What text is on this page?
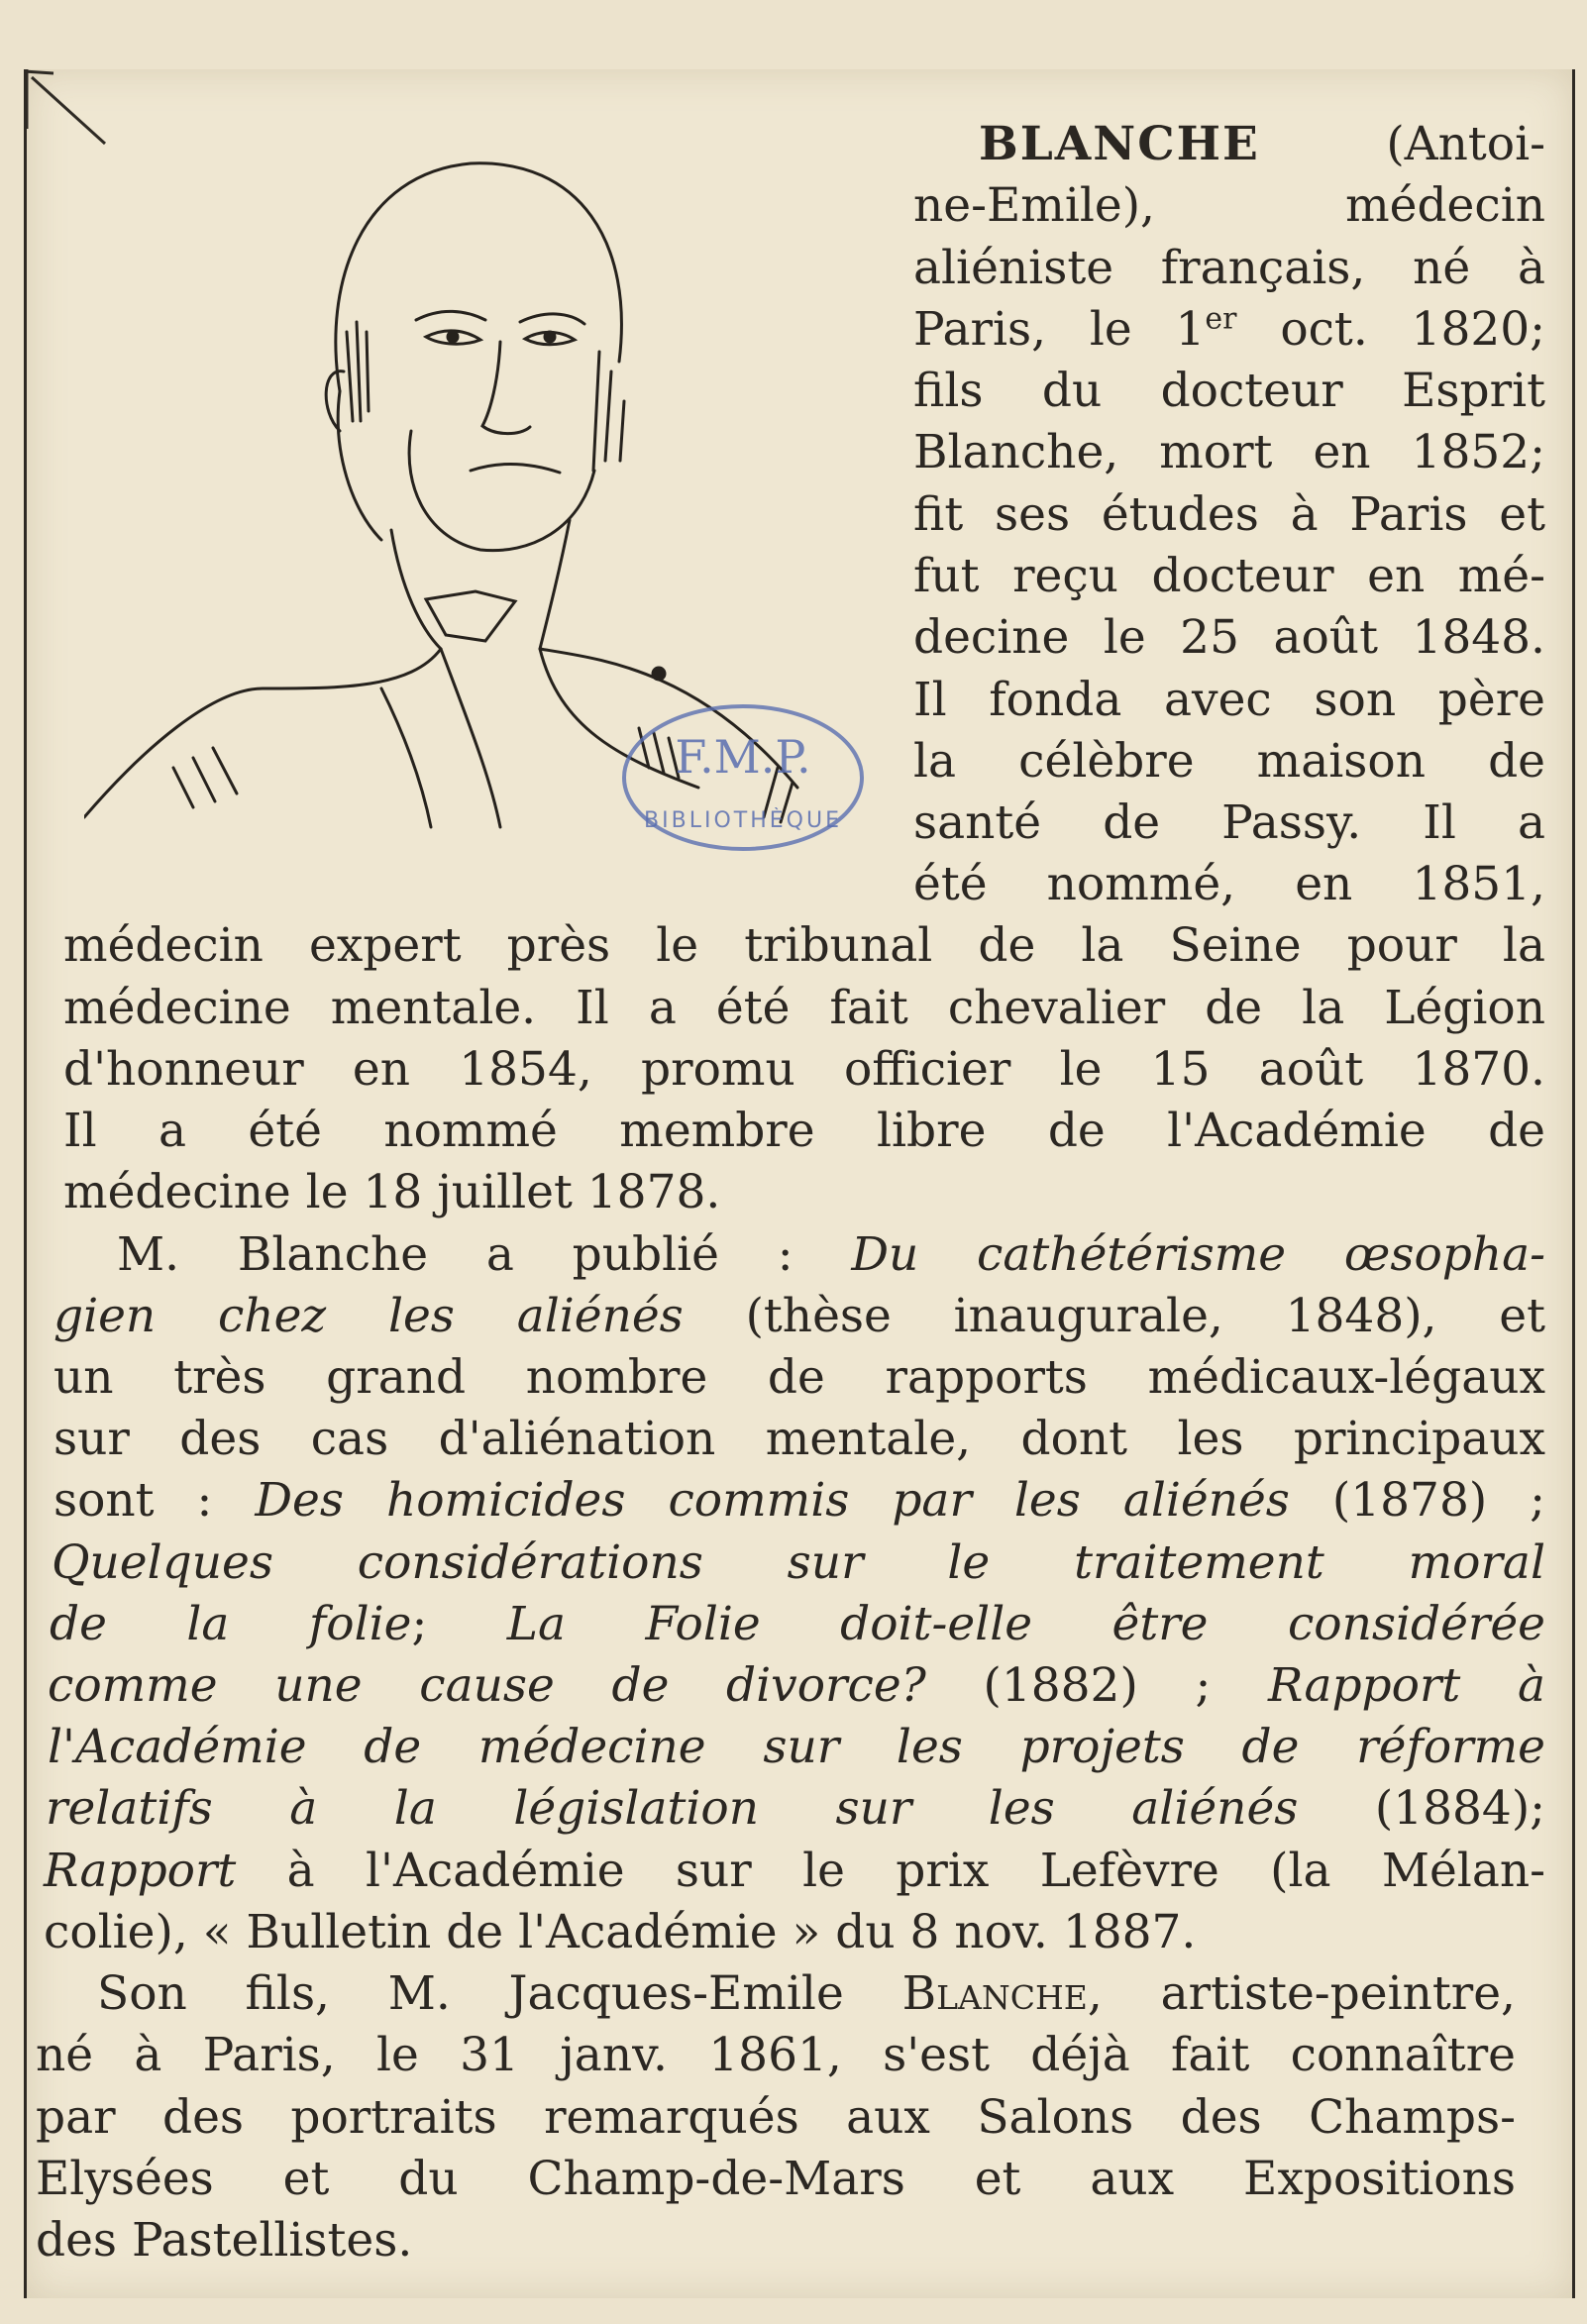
F.M.P.
BIBLIOTHÈQUE
BLANCHE (Antoi-
ne-Emile), médecin
aliéniste français, né à
Paris, le 1er oct. 1820;
fils du docteur Esprit
Blanche, mort en 1852;
fit ses études à Paris et
fut reçu docteur en mé-
decine le 25 août 1848.
Il fonda avec son père
la célèbre maison de
santé de Passy. Il a
été nommé, en 1851,
médecin expert près le tribunal de la Seine pour la
médecine mentale. Il a été fait chevalier de la Légion
d'honneur en 1854, promu officier le 15 août 1870.
Il a été nommé membre libre de l'Académie de
médecine le 18 juillet 1878.
M. Blanche a publié : Du cathétérisme œsopha-
gien chez les aliénés (thèse inaugurale, 1848), et
un très grand nombre de rapports médicaux-légaux
sur des cas d'aliénation mentale, dont les principaux
sont : Des homicides commis par les aliénés (1878) ;
Quelques considérations sur le traitement moral
de la folie; La Folie doit-elle être considérée
comme une cause de divorce? (1882) ; Rapport à
l'Académie de médecine sur les projets de réforme
relatifs à la législation sur les aliénés (1884);
Rapport à l'Académie sur le prix Lefèvre (la Mélan-
colie), « Bulletin de l'Académie » du 8 nov. 1887.
Son fils, M. Jacques-Emile Blanche, artiste-peintre,
né à Paris, le 31 janv. 1861, s'est déjà fait connaître
par des portraits remarqués aux Salons des Champs-
Elysées et du Champ-de-Mars et aux Expositions
des Pastellistes.
